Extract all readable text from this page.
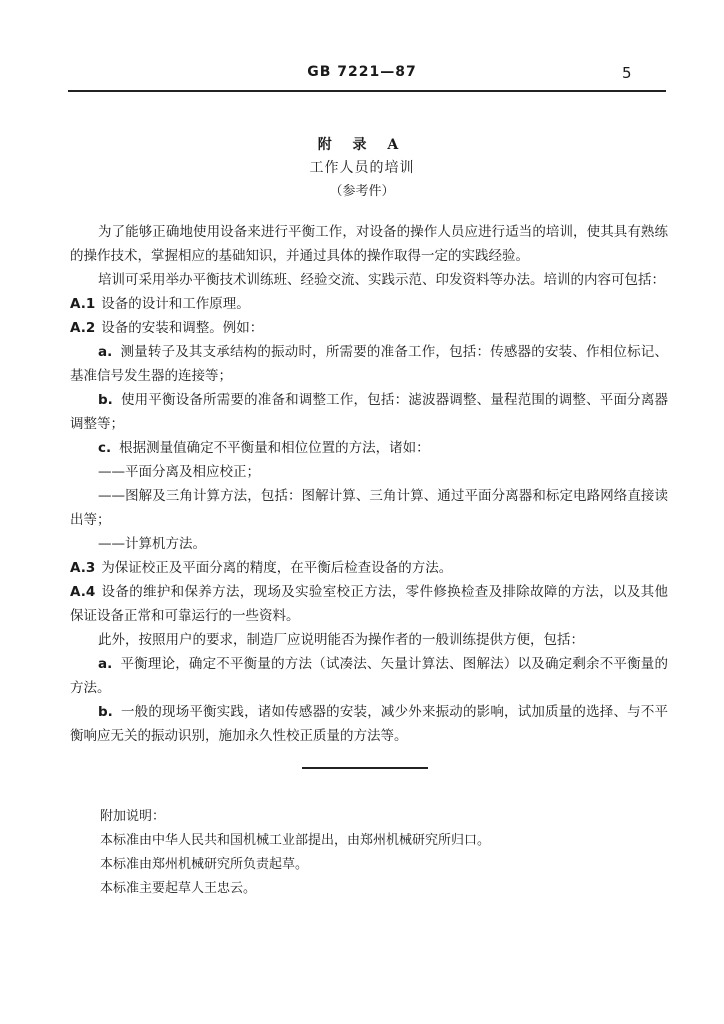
GB 7221—87	5
附 录 A
工作人员的培训
（参考件）

为了能够正确地使用设备来进行平衡工作，对设备的操作人员应进行适当的培训，使其具有熟练的操作技术，掌握相应的基础知识，并通过具体的操作取得一定的实践经验。

培训可采用举办平衡技术训练班、经验交流、实践示范、印发资料等办法。培训的内容可包括：

A.1 设备的设计和工作原理。

A.2 设备的安装和调整。例如：

a. 测量转子及其支承结构的振动时，所需要的准备工作，包括：传感器的安装、作相位标记、基准信号发生器的连接等；

b. 使用平衡设备所需要的准备和调整工作，包括：滤波器调整、量程范围的调整、平面分离器调整等；

c. 根据测量值确定不平衡量和相位位置的方法，诸如：

——平面分离及相应校正；

——图解及三角计算方法，包括：图解计算、三角计算、通过平面分离器和标定电路网络直接读出等；

——计算机方法。

A.3 为保证校正及平面分离的精度，在平衡后检查设备的方法。

A.4 设备的维护和保养方法，现场及实验室校正方法，零件修换检查及排除故障的方法，以及其他保证设备正常和可靠运行的一些资料。

此外，按照用户的要求，制造厂应说明能否为操作者的一般训练提供方便，包括：

a. 平衡理论，确定不平衡量的方法（试凑法、矢量计算法、图解法）以及确定剩余不平衡量的方法。

b. 一般的现场平衡实践，诸如传感器的安装，减少外来振动的影响，试加质量的选择、与不平衡响应无关的振动识别，施加永久性校正质量的方法等。

附加说明：

本标准由中华人民共和国机械工业部提出，由郑州机械研究所归口。

本标准由郑州机械研究所负责起草。

本标准主要起草人王忠云。
